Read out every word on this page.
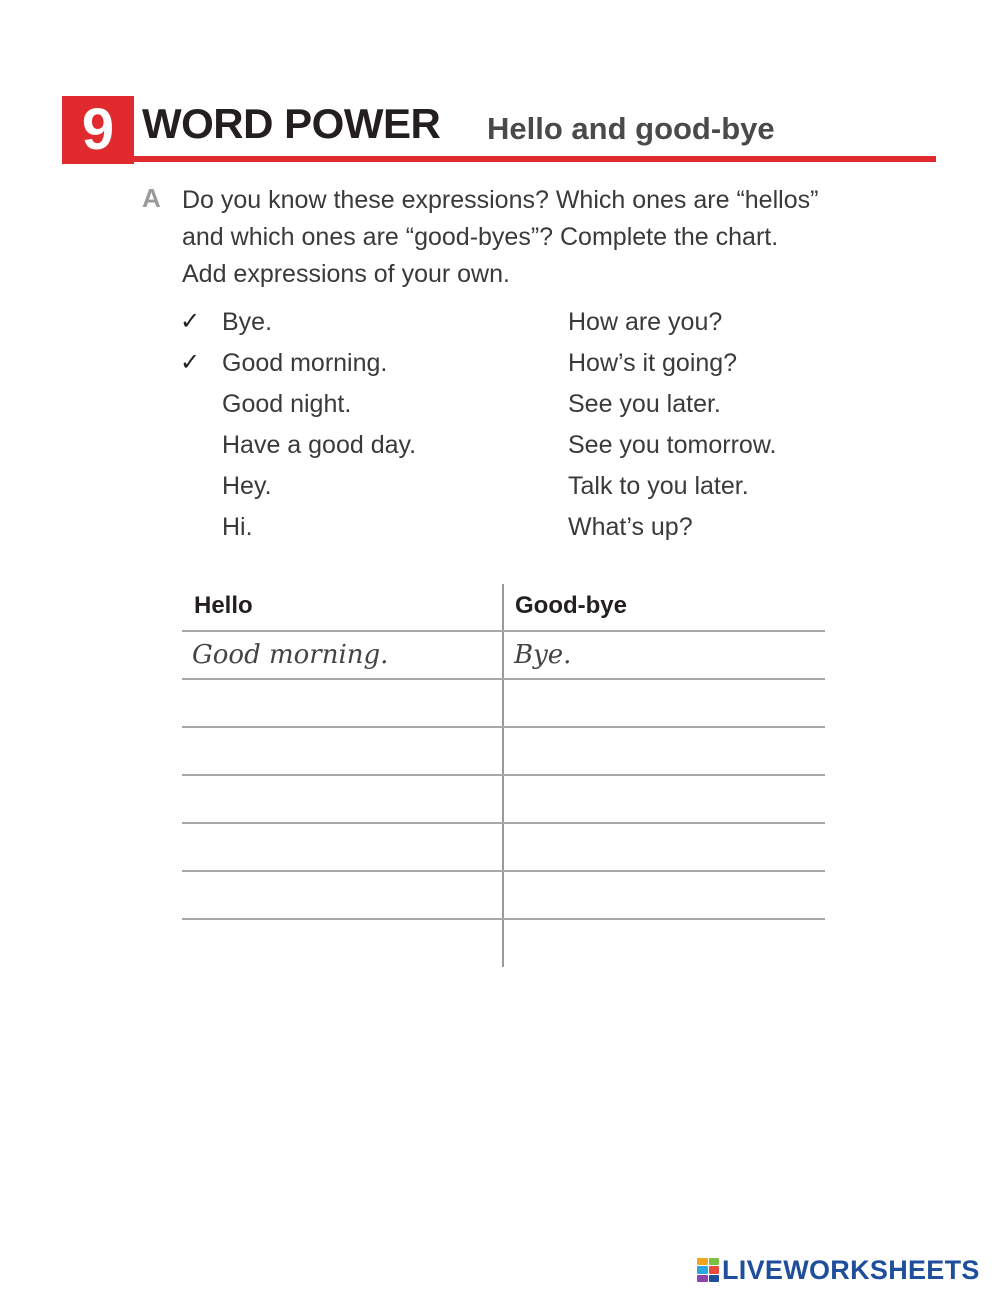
9 WORD POWER Hello and good-bye
A Do you know these expressions? Which ones are “hellos”
and which ones are “good-byes”? Complete the chart.
Add expressions of your own.
✓ Bye.
✓ Good morning.
Good night.
Have a good day.
Hey.
Hi.
How are you?
How’s it going?
See you later.
See you tomorrow.
Talk to you later.
What’s up?
Hello	Good-bye
Good morning.	Bye.
LIVEWORKSHEETS
